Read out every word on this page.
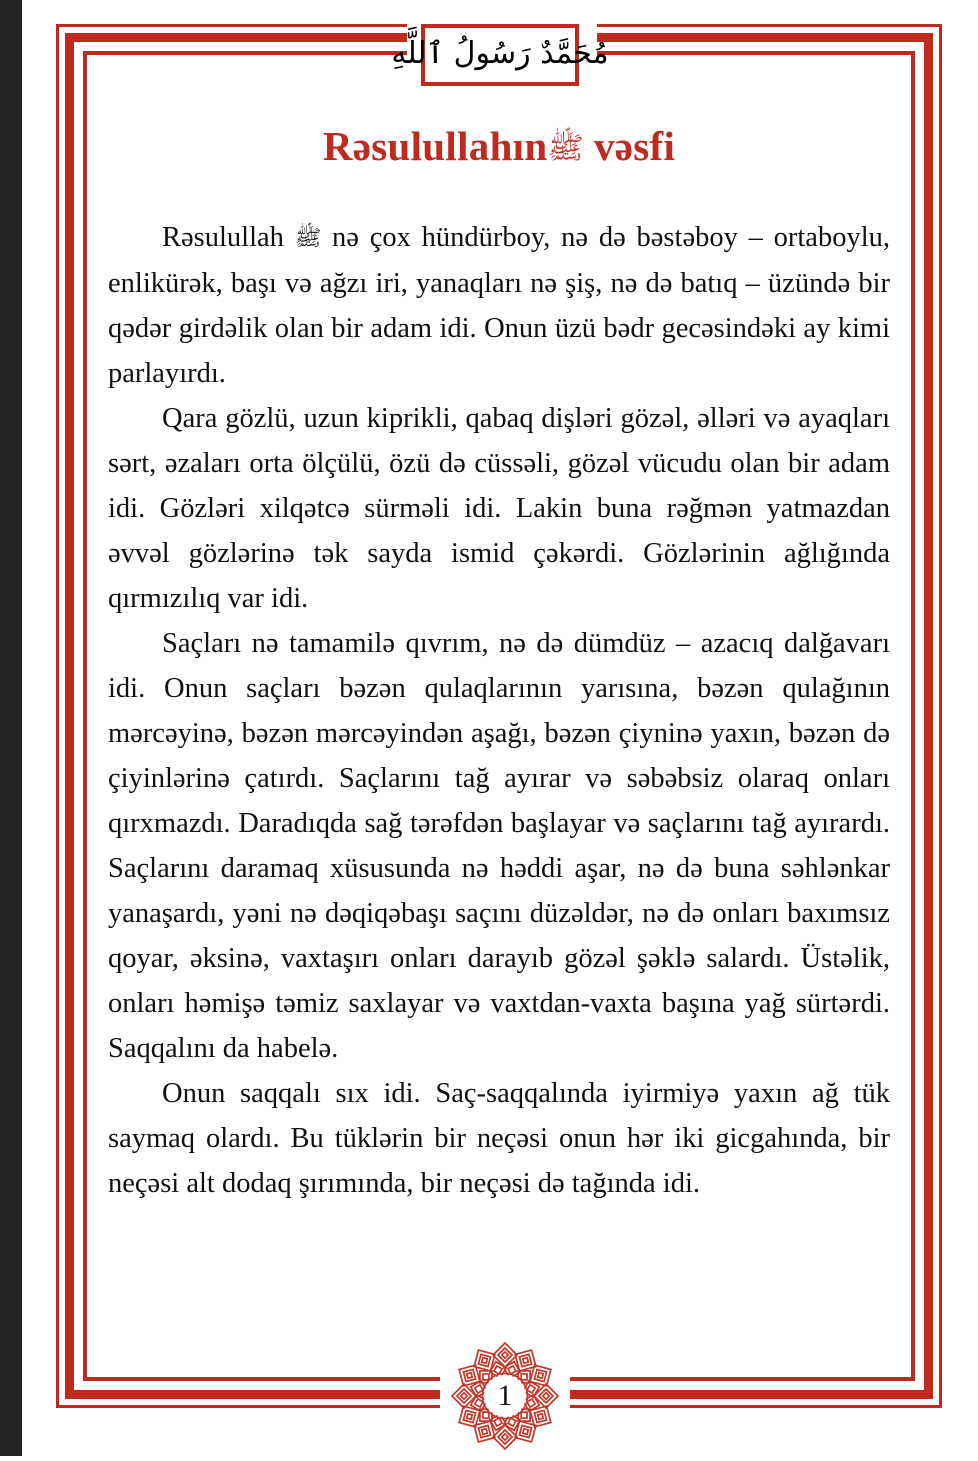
مُحَمَّدٌ رَسُولُ ٱللَّهِ
Rəsulullahınﷺ vəsfi

Rəsulullah ﷺ nə çox hündürboy, nə də bəstəboy – ortaboylu, enlikürək, başı və ağzı iri, yanaqları nə şiş, nə də batıq – üzündə bir qədər girdəlik olan bir adam idi. Onun üzü bədr gecəsindəki ay kimi parlayırdı.

Qara gözlü, uzun kiprikli, qabaq dişləri gözəl, əlləri və ayaqları sərt, əzaları orta ölçülü, özü də cüssəli, gözəl vücudu olan bir adam idi. Gözləri xilqətcə sürməli idi. Lakin buna rəğmən yatmazdan əvvəl gözlərinə tək sayda ismid çəkərdi. Gözlərinin ağlığında qırmızılıq var idi.

Saçları nə tamamilə qıvrım, nə də dümdüz – azacıq dalğavarı idi. Onun saçları bəzən qulaqlarının yarısına, bəzən qulağının mərcəyinə, bəzən mərcəyindən aşağı, bəzən çiyninə yaxın, bəzən də çiyinlərinə çatırdı. Saçlarını tağ ayırar və səbəbsiz olaraq onları qırxmazdı. Daradıqda sağ tərəfdən başlayar və saçlarını tağ ayırardı. Saçlarını daramaq xüsusunda nə həddi aşar, nə də buna səhlənkar yanaşardı, yəni nə dəqiqəbaşı saçını düzəldər, nə də onları baxımsız qoyar, əksinə, vaxtaşırı onları darayıb gözəl şəklə salardı. Üstəlik, onları həmişə təmiz saxlayar və vaxtdan-vaxta başına yağ sürtərdi. Saqqalını da habelə.

Onun saqqalı sıx idi. Saç-saqqalında iyirmiyə yaxın ağ tük saymaq olardı. Bu tüklərin bir neçəsi onun hər iki gicgahında, bir neçəsi alt dodaq şırımında, bir neçəsi də tağında idi.

1
